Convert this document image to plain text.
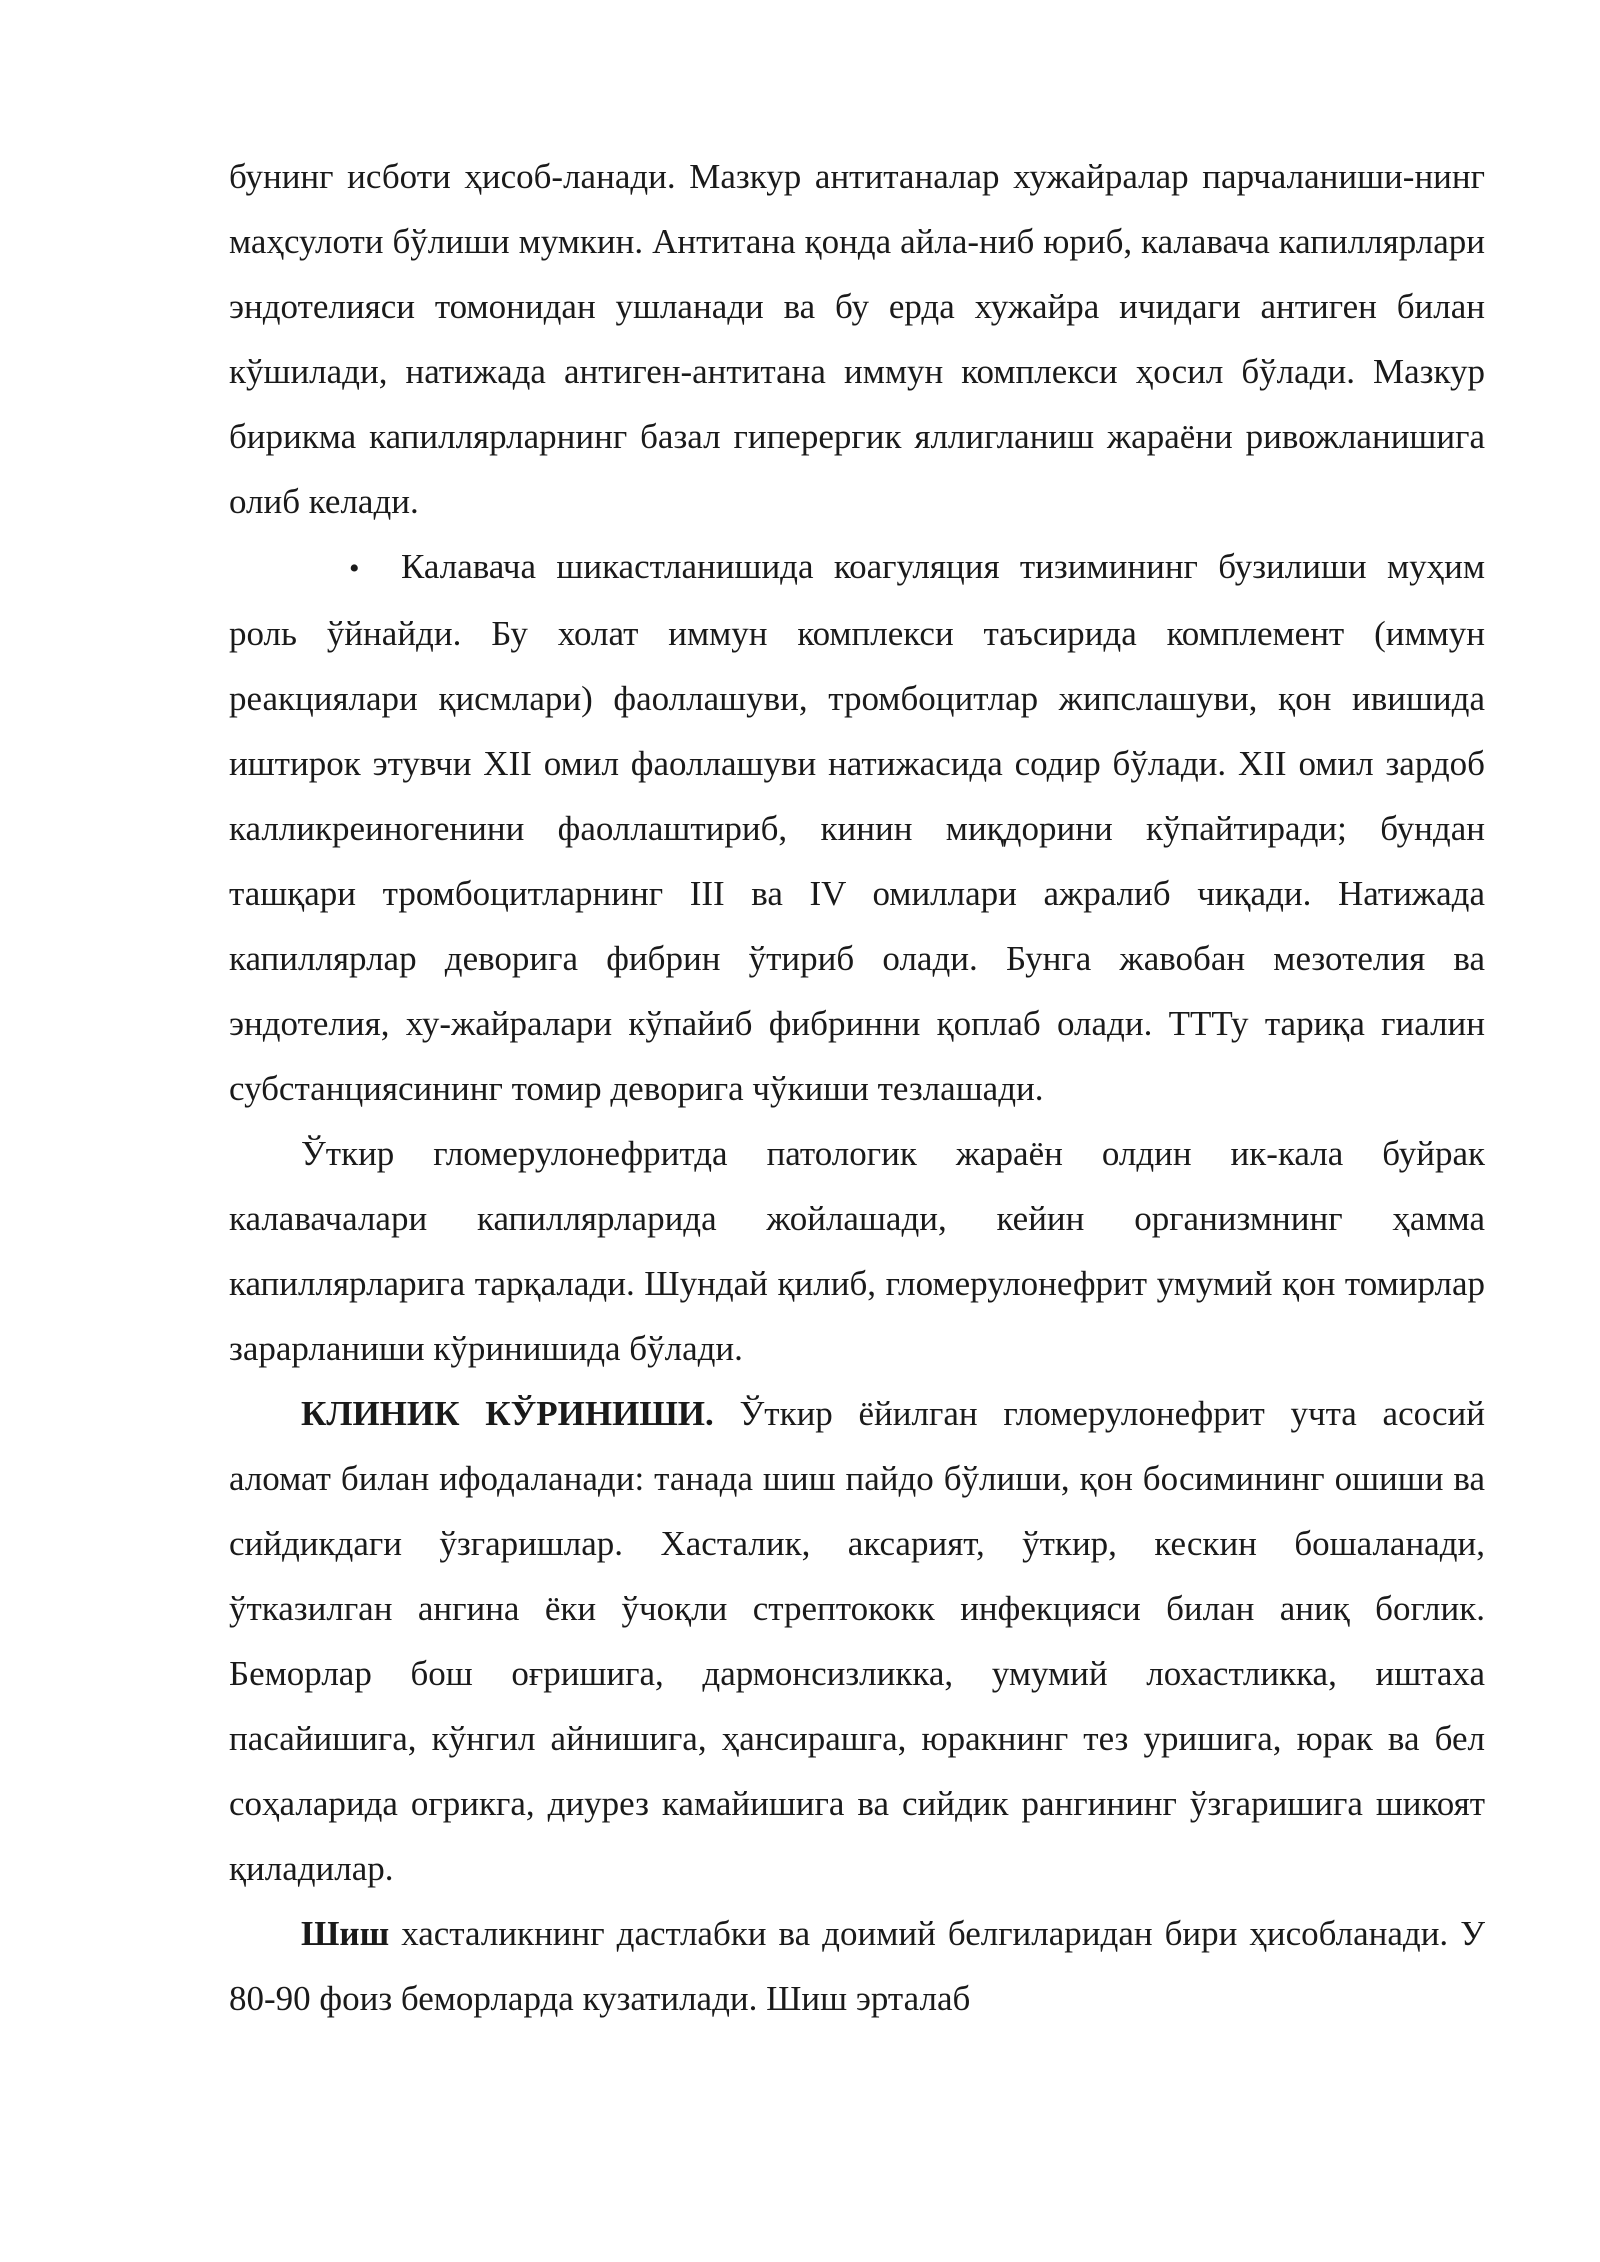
бунинг исботи ҳисоб-ланади. Мазкур антитаналар хужайралар парчаланиши-нинг маҳсулоти бўлиши мумкин. Антитана қонда айла-ниб юриб, калавача капиллярлари эндотелияси томонидан ушланади ва бу ерда хужайра ичидаги антиген билан кўшилади, натижада антиген-антитана иммун комплекси ҳосил бўлади. Мазкур бирикма капиллярларнинг базал гиперергик яллигланиш жараёни ривожланишига олиб келади.

• Калавача шикастланишида коагуляция тизимининг бузилиши муҳим роль ўйнайди. Бу холат иммун комплекси таъсирида комплемент (иммун реакциялари қисмлари) фаоллашуви, тромбоцитлар жипслашуви, қон ивишида иштирок этувчи XII омил фаоллашуви натижасида содир бўлади. XII омил зардоб калликреиногенини фаоллаштириб, кинин миқдорини кўпайтиради; бундан ташқари тромбоцитларнинг III ва IV омиллари ажралиб чиқади. Натижада капиллярлар деворига фибрин ўтириб олади. Бунга жавобан мезотелия ва эндотелия, ху-жайралари кўпайиб фибринни қоплаб олади. ТТТу тариқа гиалин субстанциясининг томир деворига чўкиши тезлашади.

Ўткир гломерулонефритда патологик жараён олдин ик-кала буйрак калавачалари капиллярларида жойлашади, кейин организмнинг ҳамма капиллярларига тарқалади. Шундай қилиб, гломерулонефрит умумий қон томирлар зарарланиши кўринишида бўлади.

КЛИНИК КЎРИНИШИ. Ўткир ёйилган гломерулонефрит учта асосий аломат билан ифодаланади: танада шиш пайдо бўлиши, қон босимининг ошиши ва сийдикдаги ўзгаришлар. Хасталик, аксарият, ўткир, кескин бошаланади, ўтказилган ангина ёки ўчоқли стрептококк инфекцияси билан аниқ боглик. Беморлар бош оғришига, дармонсизликка, умумий лохастликка, иштаха пасайишига, кўнгил айнишига, ҳансирашга, юракнинг тез уришига, юрак ва бел соҳаларида огрикга, диурез камайишига ва сийдик рангининг ўзгаришига шикоят қиладилар.

Шиш хасталикнинг дастлабки ва доимий белгиларидан бири ҳисобланади. У 80-90 фоиз беморларда кузатилади. Шиш эрталаб
